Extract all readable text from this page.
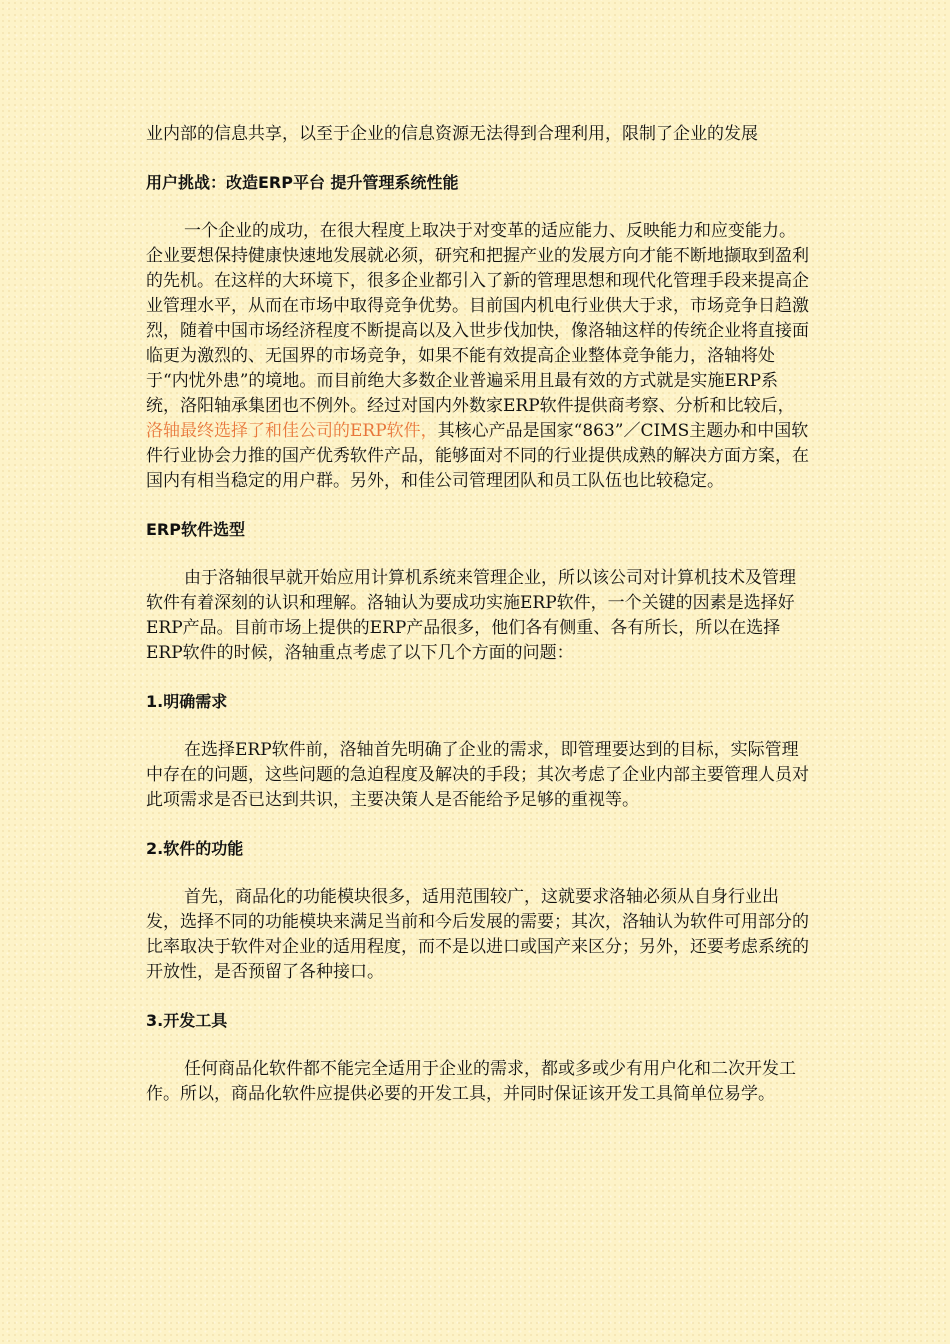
业内部的信息共享，以至于企业的信息资源无法得到合理利用，限制了企业的发展

用户挑战：改造ERP平台 提升管理系统性能

一个企业的成功，在很大程度上取决于对变革的适应能力、反映能力和应变能力。企业要想保持健康快速地发展就必须，研究和把握产业的发展方向才能不断地撷取到盈利的先机。在这样的大环境下，很多企业都引入了新的管理思想和现代化管理手段来提高企业管理水平，从而在市场中取得竞争优势。目前国内机电行业供大于求，市场竞争日趋激烈，随着中国市场经济程度不断提高以及入世步伐加快，像洛轴这样的传统企业将直接面临更为激烈的、无国界的市场竞争，如果不能有效提高企业整体竞争能力，洛轴将处于“内忧外患”的境地。而目前绝大多数企业普遍采用且最有效的方式就是实施ERP系统，洛阳轴承集团也不例外。经过对国内外数家ERP软件提供商考察、分析和比较后，洛轴最终选择了和佳公司的ERP软件，其核心产品是国家“863”／CIMS主题办和中国软件行业协会力推的国产优秀软件产品，能够面对不同的行业提供成熟的解决方面方案，在国内有相当稳定的用户群。另外，和佳公司管理团队和员工队伍也比较稳定。

ERP软件选型

由于洛轴很早就开始应用计算机系统来管理企业，所以该公司对计算机技术及管理软件有着深刻的认识和理解。洛轴认为要成功实施ERP软件，一个关键的因素是选择好ERP产品。目前市场上提供的ERP产品很多，他们各有侧重、各有所长，所以在选择ERP软件的时候，洛轴重点考虑了以下几个方面的问题：

1.明确需求

在选择ERP软件前，洛轴首先明确了企业的需求，即管理要达到的目标，实际管理中存在的问题，这些问题的急迫程度及解决的手段；其次考虑了企业内部主要管理人员对此项需求是否已达到共识，主要决策人是否能给予足够的重视等。

2.软件的功能

首先，商品化的功能模块很多，适用范围较广，这就要求洛轴必须从自身行业出发，选择不同的功能模块来满足当前和今后发展的需要；其次，洛轴认为软件可用部分的比率取决于软件对企业的适用程度，而不是以进口或国产来区分；另外，还要考虑系统的开放性，是否预留了各种接口。

3.开发工具

任何商品化软件都不能完全适用于企业的需求，都或多或少有用户化和二次开发工作。所以，商品化软件应提供必要的开发工具，并同时保证该开发工具简单位易学。
